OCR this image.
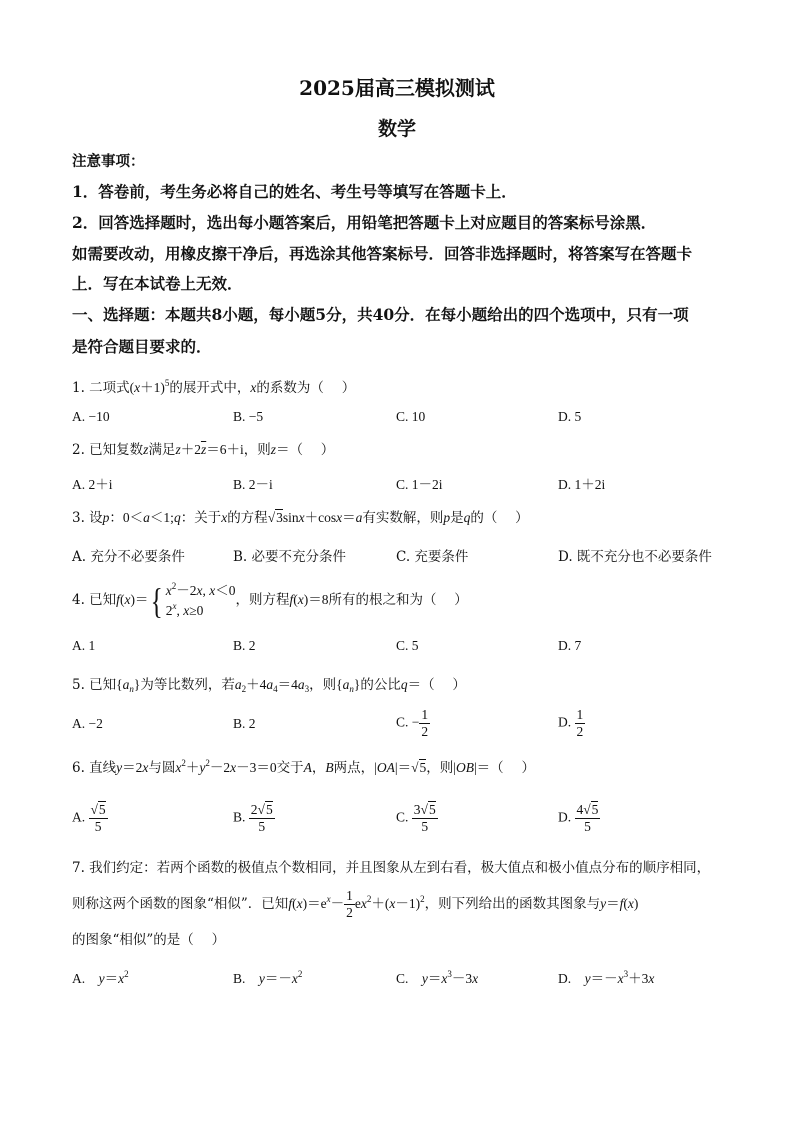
2025届高三模拟测试
数学
注意事项：
1．答卷前，考生务必将自己的姓名、考生号等填写在答题卡上．
2．回答选择题时，选出每小题答案后，用铅笔把答题卡上对应题目的答案标号涂黑．
如需要改动，用橡皮擦干净后，再选涂其他答案标号．回答非选择题时，将答案写在答题卡
上．写在本试卷上无效．
一、选择题：本题共8小题，每小题5分，共40分．在每小题给出的四个选项中，只有一项
是符合题目要求的．
1. 二项式$(x+1)^5$的展开式中，x的系数为（　 ）
A. −10	B. −5	C. 10	D. 5
2. 已知复数z满足$z+2\overline{z}=6+i$，则z＝（　 ）
A. 2＋i	B. 2－i	C. 1－2i	D. 1＋2i
3. 设p：0＜a＜1;q：关于x的方程√3sinx＋cosx＝a有实数解，则p是q的（　 ）
A. 充分不必要条件	B. 必要不充分条件	C. 充要条件	D. 既不充分也不必要条件
4. 已知f(x)＝{ $x^2-2x$, x＜0
2$^x$, x≥0
，则方程f(x)＝8所有的根之和为（　 ）
A. 1	B. 2	C. 5	D. 7
5. 已知$\{a_n\}$为等比数列，若$a_2+4a_4=4a_3$，则$\{a_n\}$的公比q＝（　 ）
A. −2	B. 2	C. − $\frac{1}{2}$	D. $\frac{1}{2}$
6. 直线y＝2x与圆$x^2+y^2-2x-3=0$交于A，B两点，|OA|＝√5，则|OB|＝（　 ）
A. $\frac{√5}{5}$	B. $\frac{2√5}{5}$	C. $\frac{3√5}{5}$	D. $\frac{4√5}{5}$
7. 我们约定：若两个函数的极值点个数相同，并且图象从左到右看，极大值点和极小值点分布的顺序相同，
则称这两个函数的图象“相似”．已知$f(x)=e^x- \frac{1}{2} ex^2+(x-1)^2$，则下列给出的函数其图象与y＝f(x)
的图象“相似”的是（　 ）
A.　 $y=x^2$	B.　 $y=-x^2$	C.　 $y=x^3-3x$	D.　 $y=-x^3+3x$
